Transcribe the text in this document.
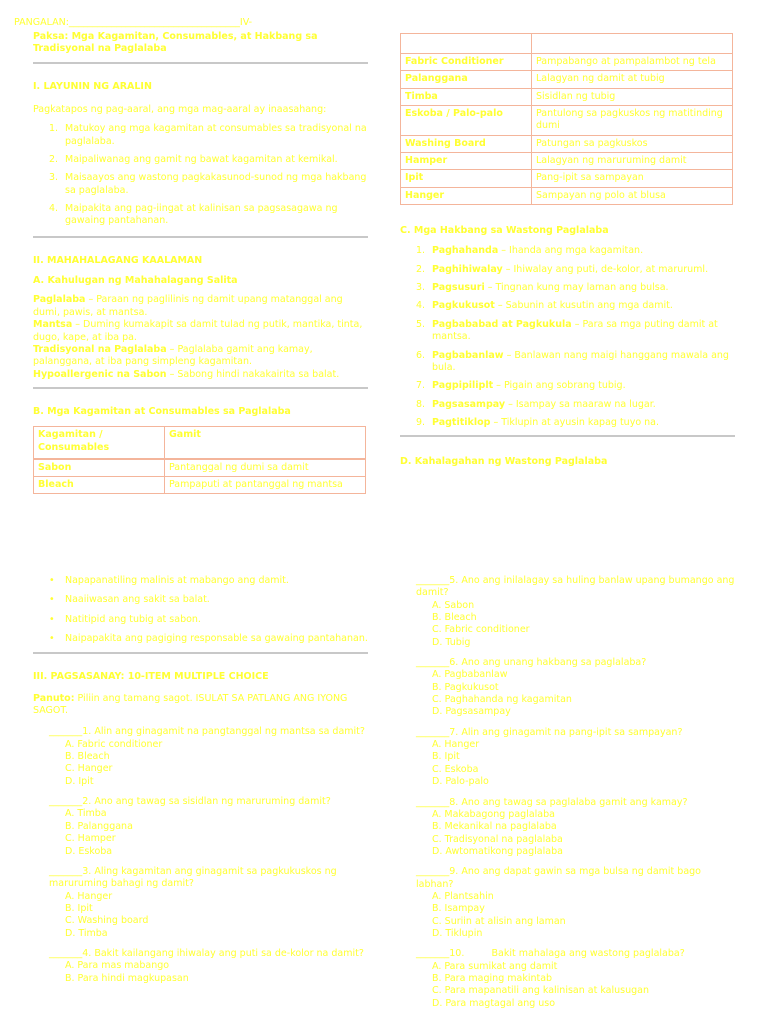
PANGALAN:____________________________________IV-
Paksa: Mga Kagamitan, Consumables, at Hakbang sa Tradisyonal na Paglalaba
I. LAYUNIN NG ARALIN
Pagkatapos ng pag-aaral, ang mga mag-aaral ay inaasahang:
1. Matukoy ang mga kagamitan at consumables sa tradisyonal na paglalaba.
2. Maipaliwanag ang gamit ng bawat kagamitan at kemikal.
3. Maisaayos ang wastong pagkakasunod-sunod ng mga hakbang sa paglalaba.
4. Maipakita ang pag-iingat at kalinisan sa pagsasagawa ng gawaing pantahanan.
II. MAHAHALAGANG KAALAMAN
A. Kahulugan ng Mahahalagang Salita
Paglalaba – Paraan ng paglilinis ng damit upang matanggal ang dumi, pawis, at mantsa.
Mantsa – Duming kumakapit sa damit tulad ng putik, mantika, tinta, dugo, kape, at iba pa.
Tradisyonal na Paglalaba – Paglalaba gamit ang kamay, palanggana, at iba pang simpleng kagamitan.
Hypoallergenic na Sabon – Sabong hindi nakakairita sa balat.
B. Mga Kagamitan at Consumables sa Paglalaba
Kagamitan / Consumables	Gamit
Sabon	Pantanggal ng dumi sa damit
Bleach	Pampaputi at pantanggal ng mantsa

Fabric Conditioner	Pampabango at pampalambot ng tela
Palanggana	Lalagyan ng damit at tubig
Timba	Sisidlan ng tubig
Eskoba / Palo-palo	Pantulong sa pagkuskos ng matitinding dumi
Washing Board	Patungan sa pagkuskos
Hamper	Lalagyan ng maruruming damit
Ipit	Pang-ipit sa sampayan
Hanger	Sampayan ng polo at blusa
C. Mga Hakbang sa Wastong Paglalaba
1. Paghahanda – Ihanda ang mga kagamitan.
2. Paghihiwalay – Ihiwalay ang puti, de-kolor, at maruruml.
3. Pagsusuri – Tingnan kung may laman ang bulsa.
4. Pagkukusot – Sabunin at kusutin ang mga damit.
5. Pagbababad at Pagkukula – Para sa mga puting damit at mantsa.
6. Pagbabanlaw – Banlawan nang maigi hanggang mawala ang bula.
7. Pagpipiliplt – Pigain ang sobrang tubig.
8. Pagsasampay – Isampay sa maaraw na lugar.
9. Pagtitiklop – Tiklupin at ayusin kapag tuyo na.
D. Kahalagahan ng Wastong Paglalaba
• Napapanatiling malinis at mabango ang damit.
• Naaiiwasan ang sakit sa balat.
• Natitipid ang tubig at sabon.
• Naipapakita ang pagiging responsable sa gawaing pantahanan.
III. PAGSASANAY: 10-ITEM MULTIPLE CHOICE
Panuto: Piliin ang tamang sagot. ISULAT SA PATLANG ANG IYONG SAGOT.
_______1. Alin ang ginagamit na pangtanggal ng mantsa sa damit?
A. Fabric conditioner
B. Bleach
C. Hanger
D. Ipit
_______2. Ano ang tawag sa sisidlan ng maruruming damit?
A. Timba
B. Palanggana
C. Hamper
D. Eskoba
_______3. Aling kagamitan ang ginagamit sa pagkukuskos ng maruruming bahagi ng damit?
A. Hanger
B. Ipit
C. Washing board
D. Timba
_______4. Bakit kailangang ihiwalay ang puti sa de-kolor na damit?
A. Para mas mabango
B. Para hindi magkupasan
_______5. Ano ang inilalagay sa huling banlaw upang bumango ang damit?
A. Sabon
B. Bleach
C. Fabric conditioner
D. Tubig
_______6. Ano ang unang hakbang sa paglalaba?
A. Pagbabanlaw
B. Pagkukusot
C. Paghahanda ng kagamitan
D. Pagsasampay
_______7. Alin ang ginagamit na pang-ipit sa sampayan?
A. Hanger
B. Ipit
C. Eskoba
D. Palo-palo
_______8. Ano ang tawag sa paglalaba gamit ang kamay?
A. Makabagong paglalaba
B. Mekanikal na paglalaba
C. Tradisyonal na paglalaba
D. Awtomatikong paglalaba
_______9. Ano ang dapat gawin sa mga bulsa ng damit bago labhan?
A. Plantsahin
B. Isampay
C. Suriin at alisin ang laman
D. Tiklupin
_______10.         Bakit mahalaga ang wastong paglalaba?
A. Para sumikat ang damit
B. Para maging makintab
C. Para mapanatili ang kalinisan at kalusugan
D. Para magtagal ang uso
